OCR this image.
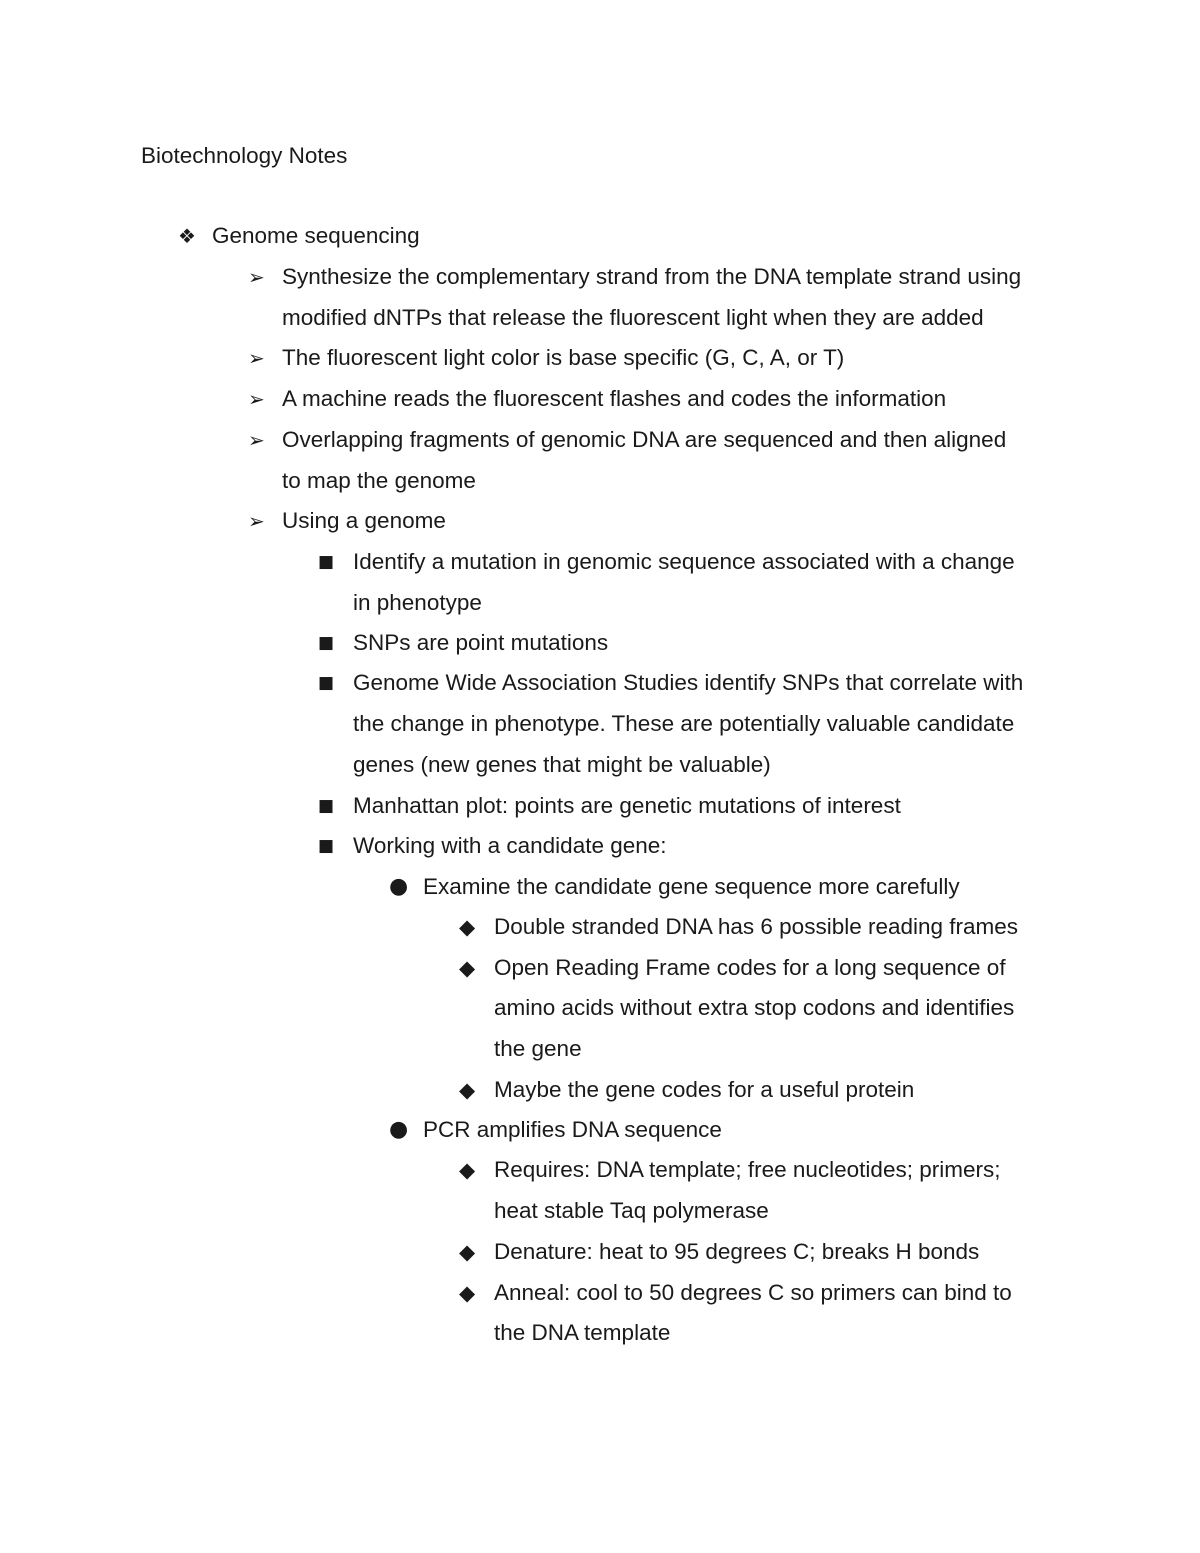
Biotechnology Notes
❖ Genome sequencing
➢ Synthesize the complementary strand from the DNA template strand using
modified dNTPs that release the fluorescent light when they are added
➢ The fluorescent light color is base specific (G, C, A, or T)
➢ A machine reads the fluorescent flashes and codes the information
➢ Overlapping fragments of genomic DNA are sequenced and then aligned
to map the genome
➢ Using a genome
■ Identify a mutation in genomic sequence associated with a change
in phenotype
■ SNPs are point mutations
■ Genome Wide Association Studies identify SNPs that correlate with
the change in phenotype. These are potentially valuable candidate
genes (new genes that might be valuable)
■ Manhattan plot: points are genetic mutations of interest
■ Working with a candidate gene:
● Examine the candidate gene sequence more carefully
◆ Double stranded DNA has 6 possible reading frames
◆ Open Reading Frame codes for a long sequence of
amino acids without extra stop codons and identifies
the gene
◆ Maybe the gene codes for a useful protein
● PCR amplifies DNA sequence
◆ Requires: DNA template; free nucleotides; primers;
heat stable Taq polymerase
◆ Denature: heat to 95 degrees C; breaks H bonds
◆ Anneal: cool to 50 degrees C so primers can bind to
the DNA template
